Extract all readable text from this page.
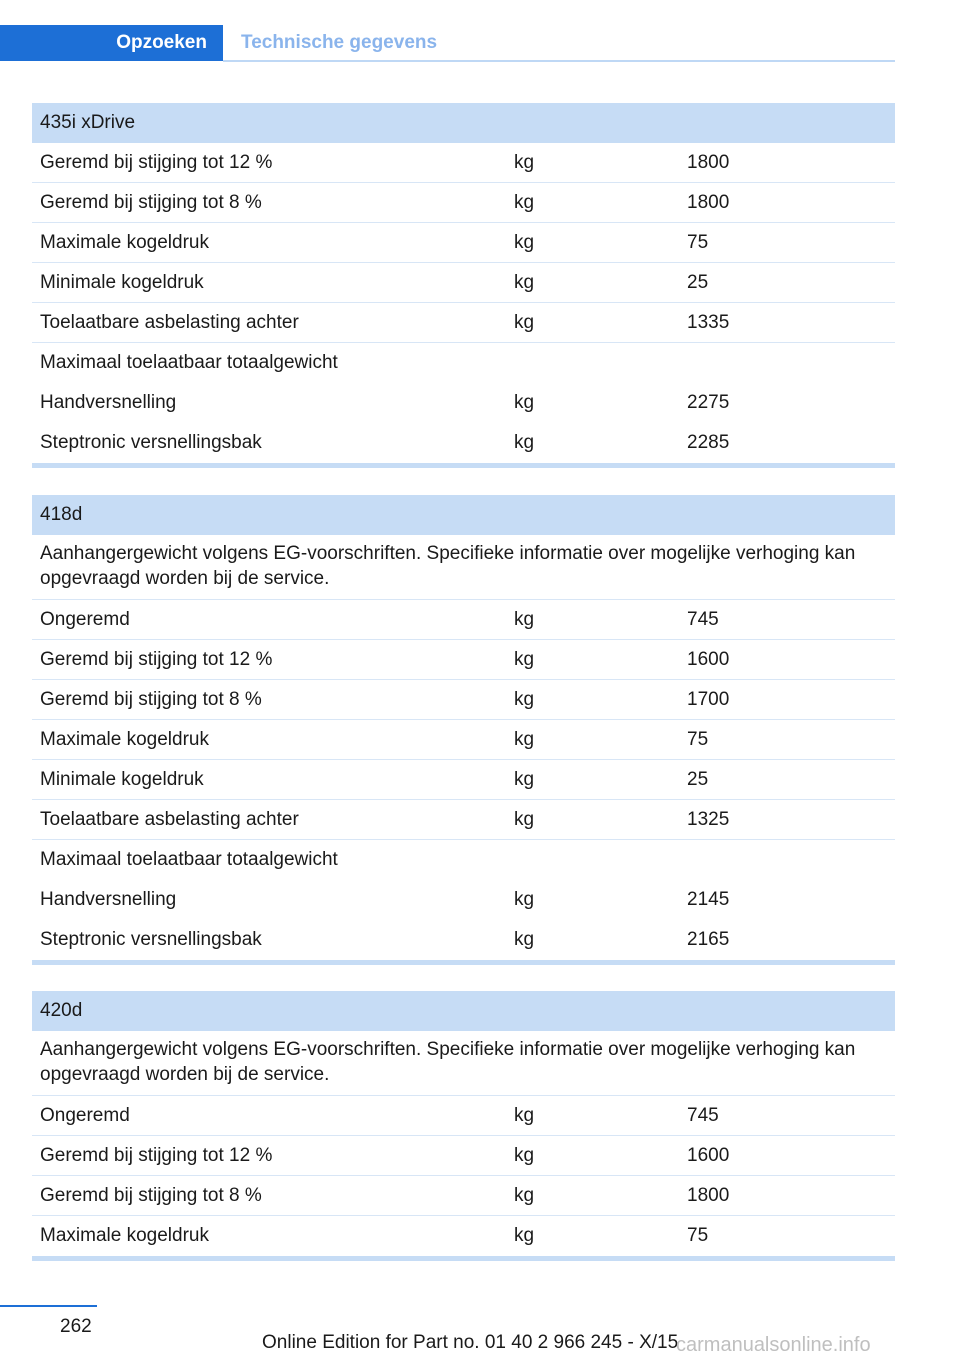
Opzoeken	Technische gegevens
435i xDrive
Geremd bij stijging tot 12 %	kg	1800
Geremd bij stijging tot 8 %	kg	1800
Maximale kogeldruk	kg	75
Minimale kogeldruk	kg	25
Toelaatbare asbelasting achter	kg	1335
Maximaal toelaatbaar totaalgewicht
Handversnelling	kg	2275
Steptronic versnellingsbak	kg	2285
418d
Aanhangergewicht volgens EG-voorschriften. Specifieke informatie over mogelijke verhoging kan opgevraagd worden bij de service.
Ongeremd	kg	745
Geremd bij stijging tot 12 %	kg	1600
Geremd bij stijging tot 8 %	kg	1700
Maximale kogeldruk	kg	75
Minimale kogeldruk	kg	25
Toelaatbare asbelasting achter	kg	1325
Maximaal toelaatbaar totaalgewicht
Handversnelling	kg	2145
Steptronic versnellingsbak	kg	2165
420d
Aanhangergewicht volgens EG-voorschriften. Specifieke informatie over mogelijke verhoging kan opgevraagd worden bij de service.
Ongeremd	kg	745
Geremd bij stijging tot 12 %	kg	1600
Geremd bij stijging tot 8 %	kg	1800
Maximale kogeldruk	kg	75
262
Online Edition for Part no. 01 40 2 966 245 - X/15
carmanualsonline.info
